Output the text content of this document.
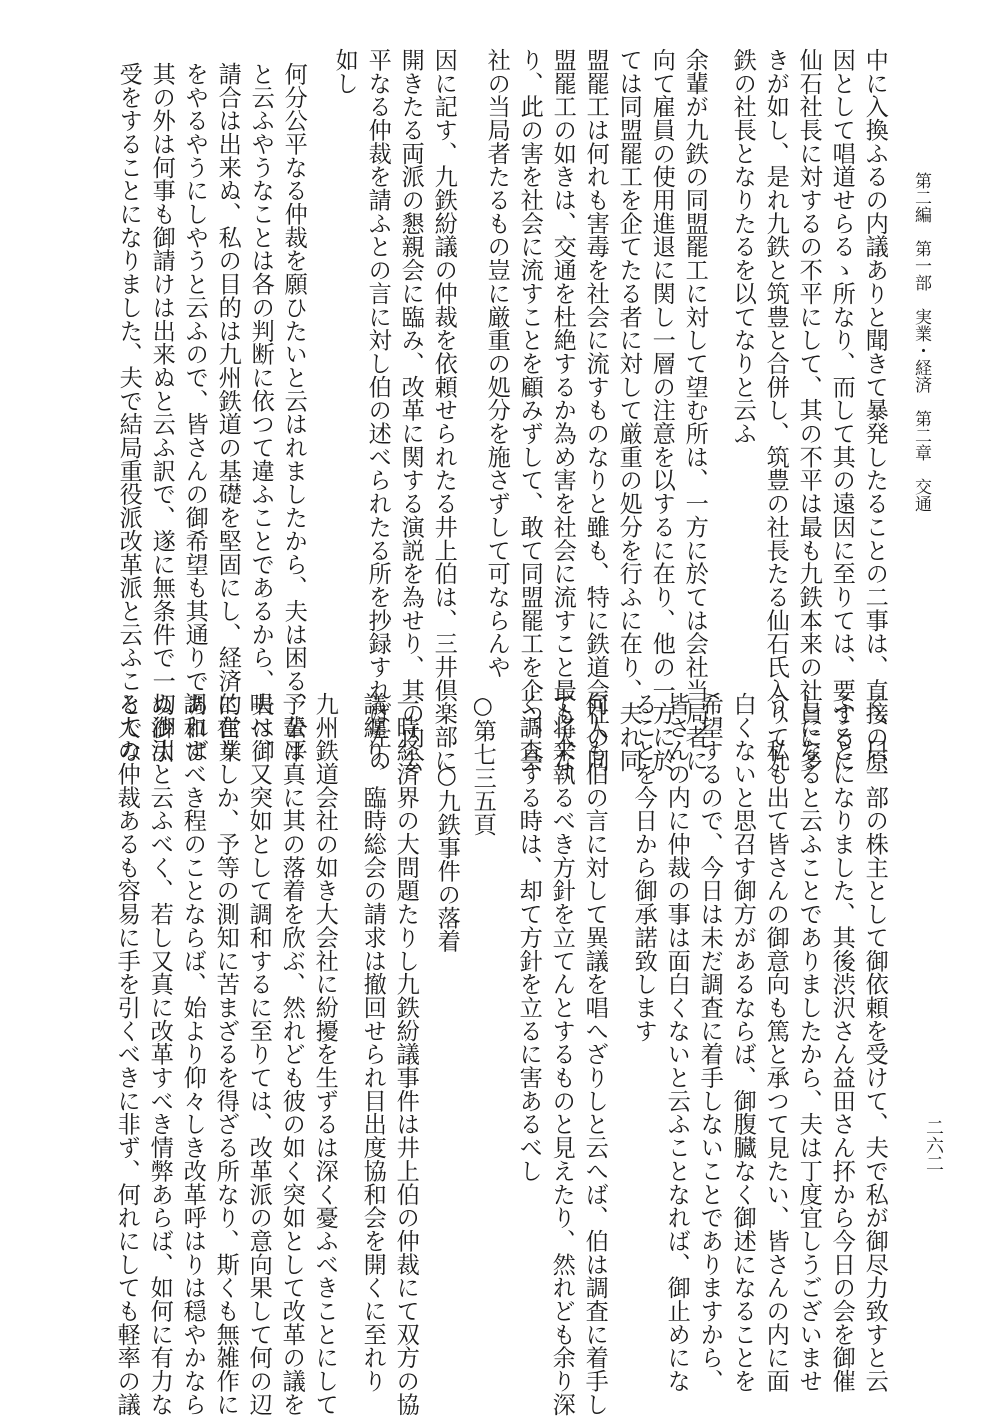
第二編　第一部　実業・経済　第二章　交通
二六二
中に入換ふるの内議ありと聞きて暴発したることの二事は、直接の原
因として唱道せらるゝ所なり、而して其の遠因に至りては、要するに
仙石社長に対するの不平にして、其の不平は最も九鉄本来の社員に多
きが如し、是れ九鉄と筑豊と合併し、筑豊の社長たる仙石氏入りて九
鉄の社長となりたるを以てなりと云ふ
余輩が九鉄の同盟罷工に対して望む所は、一方に於ては会社当局者に
向て雇員の使用進退に関し一層の注意を以するに在り、他の一方に於
ては同盟罷工を企てたる者に対して厳重の処分を行ふに在り、夫れ同
盟罷工は何れも害毒を社会に流すものなりと雖も、特に鉄道会社の同
盟罷工の如きは、交通を杜絶するか為め害を社会に流すこと最も大な
り、此の害を社会に流すことを顧みずして、敢て同盟罷工を企つ、会
社の当局者たるもの豈に厳重の処分を施さずして可ならんや
因に記す、九鉄紛議の仲裁を依頼せられたる井上伯は、三井倶楽部に
開きたる両派の懇親会に臨み、改革に関する演説を為せり、其の内公
平なる仲裁を請ふとの言に対し伯の述べられたる所を抄録すれば左の
如し
何分公平なる仲裁を願ひたいと云はれましたから、夫は困る、公平
と云ふやうなことは各の判断に依つて違ふことであるから、夫は御
請合は出来ぬ、私の目的は九州鉄道の基礎を堅固にし、経済的営業
をやるやうにしやうと云ふので、皆さんの御希望も其通りであれば
其の外は何事も御請けは出来ぬと云ふ訳で、遂に無条件で一切御引
受をすることになりました、夫で結局重役派改革派と云ふことでな
く、只一部の株主として御依頼を受けて、夫で私が御尽力致すと云
ふことになりました、其後渋沢さん益田さん抔から今日の会を御催
しになると云ふことでありましたから、夫は丁度宜しうございませ
う、私も出て皆さんの御意向も篤と承つて見たい、皆さんの内に面
白くないと思召す御方があるならば、御腹臓なく御述になることを
希望するので、今日は未だ調査に着手しないことでありますから、
皆さんの内に仲裁の事は面白くないと云ふことなれば、御止めにな
ることを今日から御承諾致します
何人も伯の言に対して異議を唱へざりしと云へば、伯は調査に着手し
て将来執るべき方針を立てんとするものと見えたり、然れども余り深
く調査する時は、却て方針を立るに害あるべし
○第七三五頁
　　　○九鉄事件の落着
一時経済界の大問題たりし九鉄紛議事件は井上伯の仲裁にて双方の協
議纏り、臨時総会の請求は撤回せられ目出度協和会を開くに至れり
九州鉄道会社の如き大会社に紛擾を生ずるは深く憂ふべきことにして
予輩は真に其の落着を欣ぶ、然れども彼の如く突如として改革の議を
唱へ、又突如として調和するに至りては、改革派の意向果して何の辺
に在りしか、予等の測知に苦まざるを得ざる所なり、斯くも無雑作に
調和すべき程のことならば、始より仰々しき改革呼はりは穏やかなら
ぬ沙汰と云ふべく、若し又真に改革すべき情弊あらば、如何に有力な
る人の仲裁あるも容易に手を引くべきに非ず、何れにしても軽率の議
